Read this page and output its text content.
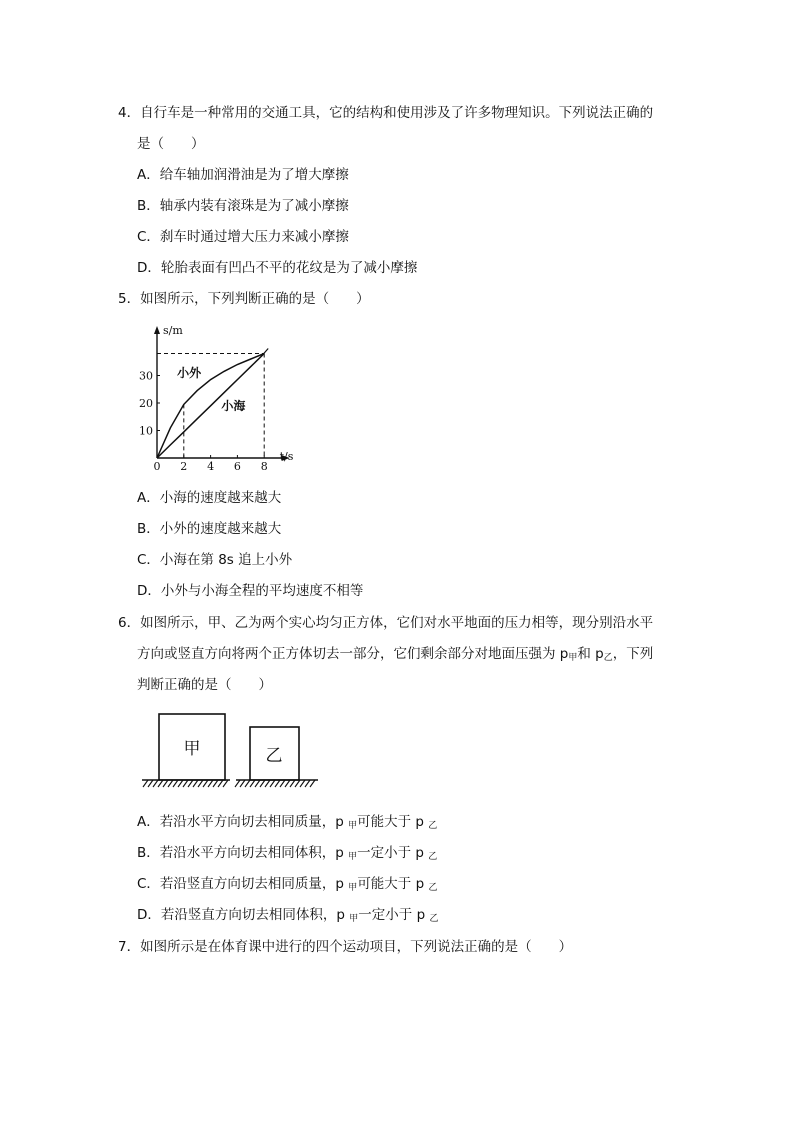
4．自行车是一种常用的交通工具，它的结构和使用涉及了许多物理知识。下列说法正确的
是（　　）
A．给车轴加润滑油是为了增大摩擦
B．轴承内装有滚珠是为了减小摩擦
C．刹车时通过增大压力来减小摩擦
D．轮胎表面有凹凸不平的花纹是为了减小摩擦
5．如图所示，下列判断正确的是（　　）
s/m
t/s
0 2 4 6 8
10
20
30 小外
小海
A．小海的速度越来越大
B．小外的速度越来越大
C．小海在第 8s 追上小外
D．小外与小海全程的平均速度不相等
6．如图所示，甲、乙为两个实心均匀正方体，它们对水平地面的压力相等，现分别沿水平
方向或竖直方向将两个正方体切去一部分，它们剩余部分对地面压强为 $p_甲$和 $p_乙$，下列
判断正确的是（　　）
甲	乙
A．若沿水平方向切去相同质量，p $_甲$可能大于 p $_乙$
B．若沿水平方向切去相同体积，p $_甲$一定小于 p $_乙$
C．若沿竖直方向切去相同质量，p $_甲$可能大于 p $_乙$
D．若沿竖直方向切去相同体积，p $_甲$一定小于 p $_乙$
7．如图所示是在体育课中进行的四个运动项目，下列说法正确的是（　　）
